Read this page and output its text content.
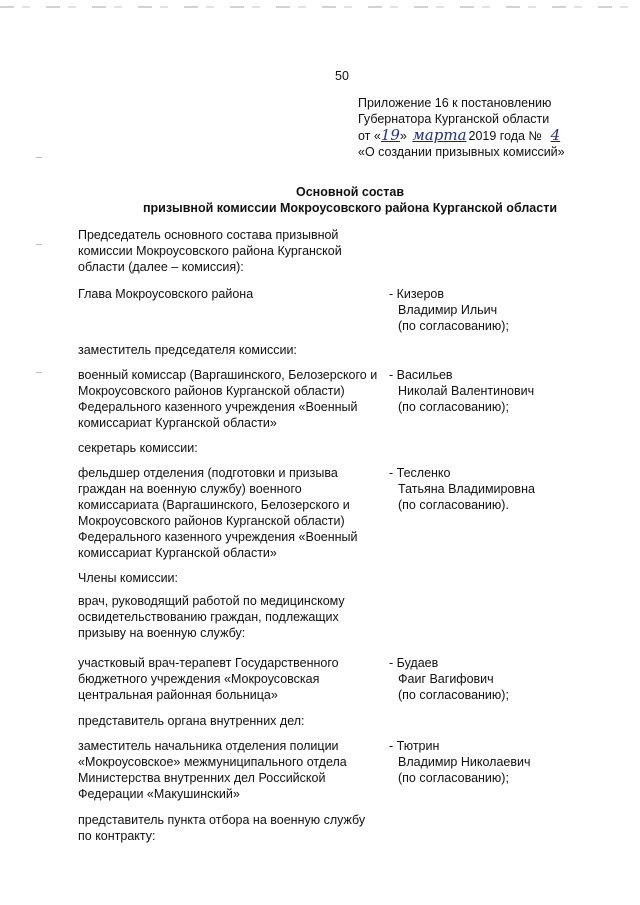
50
Приложение 16 к постановлению
Губернатора Курганской области
от «19» марта 2019 года № 4
«О создании призывных комиссий»
Основной состав
призывной комиссии Мокроусовского района Курганской области
Председатель основного состава призывной комиссии Мокроусовского района Курганской области (далее – комиссия):
Глава Мокроусовского района	- Кизеров
Владимир Ильич
(по согласованию);
заместитель председателя комиссии:
военный комиссар (Варгашинского, Белозерского и Мокроусовского районов Курганской области) Федерального казенного учреждения «Военный комиссариат Курганской области»
- Васильев
Николай Валентинович
(по согласованию);
секретарь комиссии:
фельдшер отделения (подготовки и призыва граждан на военную службу) военного комиссариата (Варгашинского, Белозерского и Мокроусовского районов Курганской области) Федерального казенного учреждения «Военный комиссариат Курганской области»
- Тесленко
Татьяна Владимировна
(по согласованию).
Члены комиссии:
врач, руководящий работой по медицинскому освидетельствованию граждан, подлежащих призыву на военную службу:
участковый врач-терапевт Государственного бюджетного учреждения «Мокроусовская центральная районная больница»
- Будаев
Фаиг Вагифович
(по согласованию);
представитель органа внутренних дел:
заместитель начальника отделения полиции «Мокроусовское» межмуниципального отдела Министерства внутренних дел Российской Федерации «Макушинский»
- Тютрин
Владимир Николаевич
(по согласованию);
представитель пункта отбора на военную службу по контракту:
